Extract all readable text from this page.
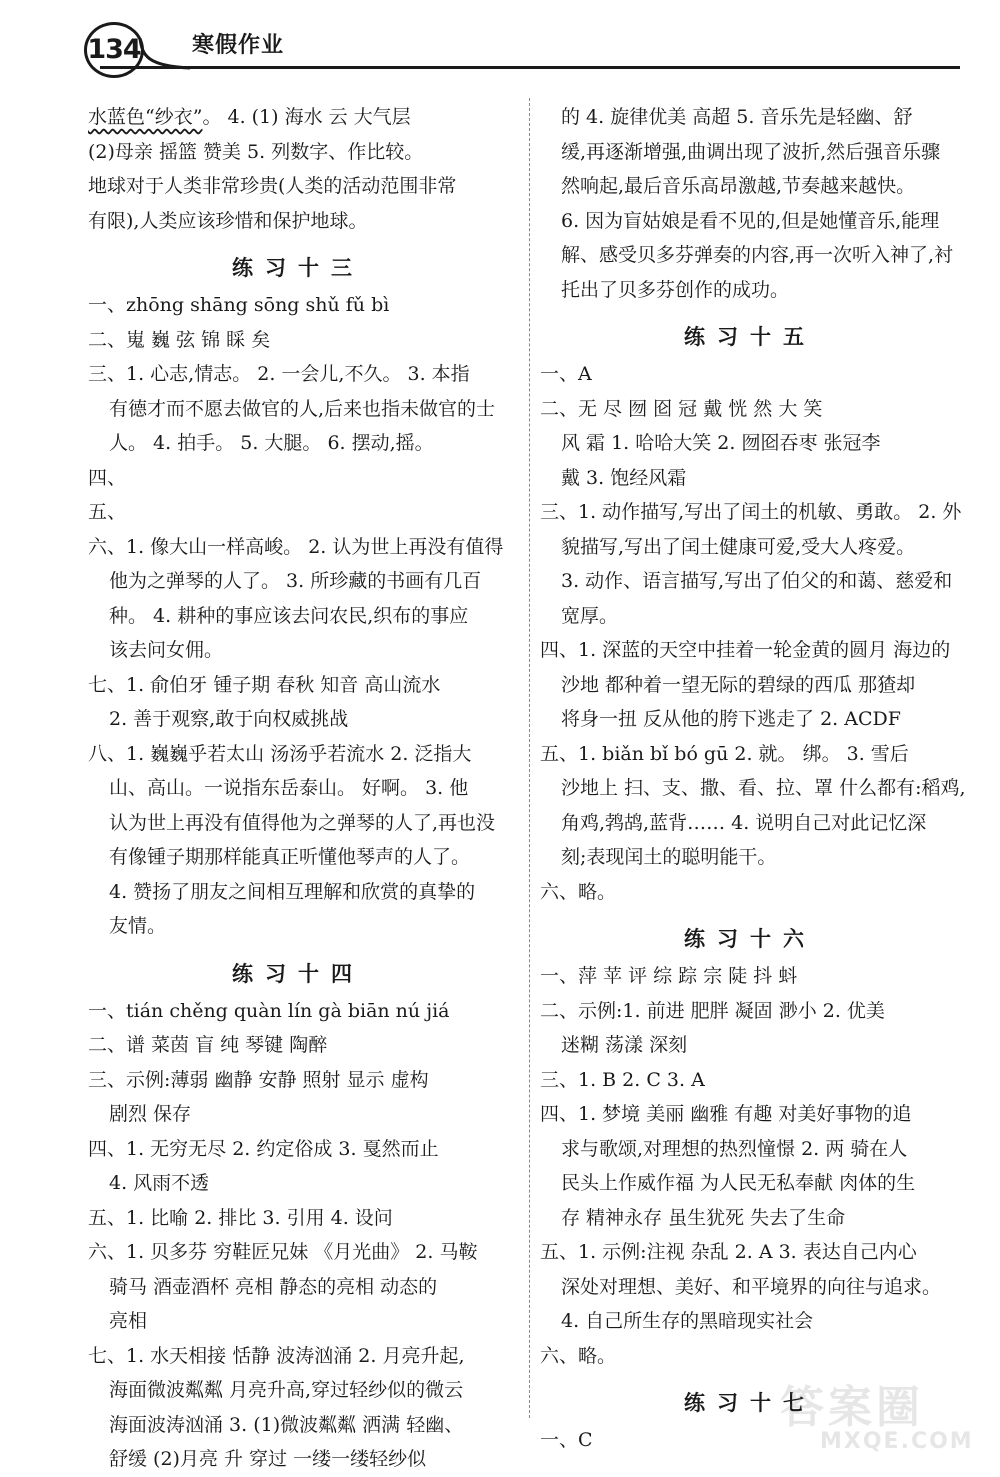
134 寒假作业
水蓝色“纱衣”。 4. (1) 海水 云 大气层
(2)母亲 摇篮 赞美 5. 列数字、作比较。
地球对于人类非常珍贵(人类的活动范围非常
有限),人类应该珍惜和保护地球。
练习十三
一、zhōng shāng sōng shǔ fǔ bì
二、嵬 巍 弦 锦 睬 矣
三、1. 心志,情志。 2. 一会儿,不久。 3. 本指
有德才而不愿去做官的人,后来也指未做官的士
人。 4. 拍手。 5. 大腿。 6. 摆动,摇。
四、
五、
六、1. 像大山一样高峻。 2. 认为世上再没有值得
他为之弹琴的人了。 3. 所珍藏的书画有几百
种。 4. 耕种的事应该去问农民,织布的事应
该去问女佣。
七、1. 俞伯牙 锺子期 春秋 知音 高山流水
2. 善于观察,敢于向权威挑战
八、1. 巍巍乎若太山 汤汤乎若流水 2. 泛指大
山、高山。一说指东岳泰山。 好啊。 3. 他
认为世上再没有值得他为之弹琴的人了,再也没
有像锺子期那样能真正听懂他琴声的人了。
4. 赞扬了朋友之间相互理解和欣赏的真挚的
友情。
练习十四
一、tián chěng quàn lín gà biān nú jiá
二、谱 菜茵 盲 纯 琴键 陶醉
三、示例:薄弱 幽静 安静 照射 显示 虚构
剧烈 保存
四、1. 无穷无尽 2. 约定俗成 3. 戛然而止
4. 风雨不透
五、1. 比喻 2. 排比 3. 引用 4. 设问
六、1. 贝多芬 穷鞋匠兄妹 《月光曲》 2. 马鞍
骑马 酒壶酒杯 亮相 静态的亮相 动态的
亮相
七、1. 水天相接 恬静 波涛汹涌 2. 月亮升起,
海面微波粼粼 月亮升高,穿过轻纱似的微云
海面波涛汹涌 3. (1)微波粼粼 洒满 轻幽、
舒缓 (2)月亮 升 穿过 一缕一缕轻纱似
的 4. 旋律优美 高超 5. 音乐先是轻幽、舒
缓,再逐渐增强,曲调出现了波折,然后强音乐骤
然响起,最后音乐高昂激越,节奏越来越快。
6. 因为盲姑娘是看不见的,但是她懂音乐,能理
解、感受贝多芬弹奏的内容,再一次听入神了,衬
托出了贝多芬创作的成功。
练习十五
一、A
二、无 尽 囫 囵 冠 戴 恍 然 大 笑
风 霜 1. 哈哈大笑 2. 囫囵吞枣 张冠李
戴 3. 饱经风霜
三、1. 动作描写,写出了闰土的机敏、勇敢。 2. 外
貌描写,写出了闰土健康可爱,受大人疼爱。
3. 动作、语言描写,写出了伯父的和蔼、慈爱和
宽厚。
四、1. 深蓝的天空中挂着一轮金黄的圆月 海边的
沙地 都种着一望无际的碧绿的西瓜 那猹却
将身一扭 反从他的胯下逃走了 2. ACDF
五、1. biǎn bǐ bó gū 2. 就。 绑。 3. 雪后
沙地上 扫、支、撒、看、拉、罩 什么都有:稻鸡,
角鸡,鹁鸪,蓝背…… 4. 说明自己对此记忆深
刻;表现闰土的聪明能干。
六、略。
练习十六
一、萍 苹 评 综 踪 宗 陡 抖 蚪
二、示例:1. 前进 肥胖 凝固 渺小 2. 优美
迷糊 荡漾 深刻
三、1. B 2. C 3. A
四、1. 梦境 美丽 幽雅 有趣 对美好事物的追
求与歌颂,对理想的热烈憧憬 2. 两 骑在人
民头上作威作福 为人民无私奉献 肉体的生
存 精神永存 虽生犹死 失去了生命
五、1. 示例:注视 杂乱 2. A 3. 表达自己内心
深处对理想、美好、和平境界的向往与追求。
4. 自己所生存的黑暗现实社会
六、略。
练习十七
一、C
答案圈
MXQE.COM
